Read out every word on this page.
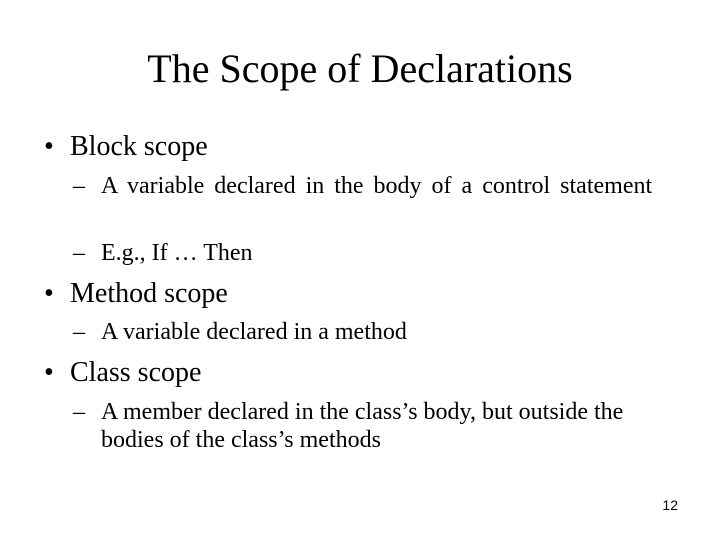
The Scope of Declarations
• Block scope
– A variable declared in the body of a control statement
– E.g., If … Then
• Method scope
– A variable declared in a method
• Class scope
– A member declared in the class’s body, but outside the bodies of the class’s methods
12
